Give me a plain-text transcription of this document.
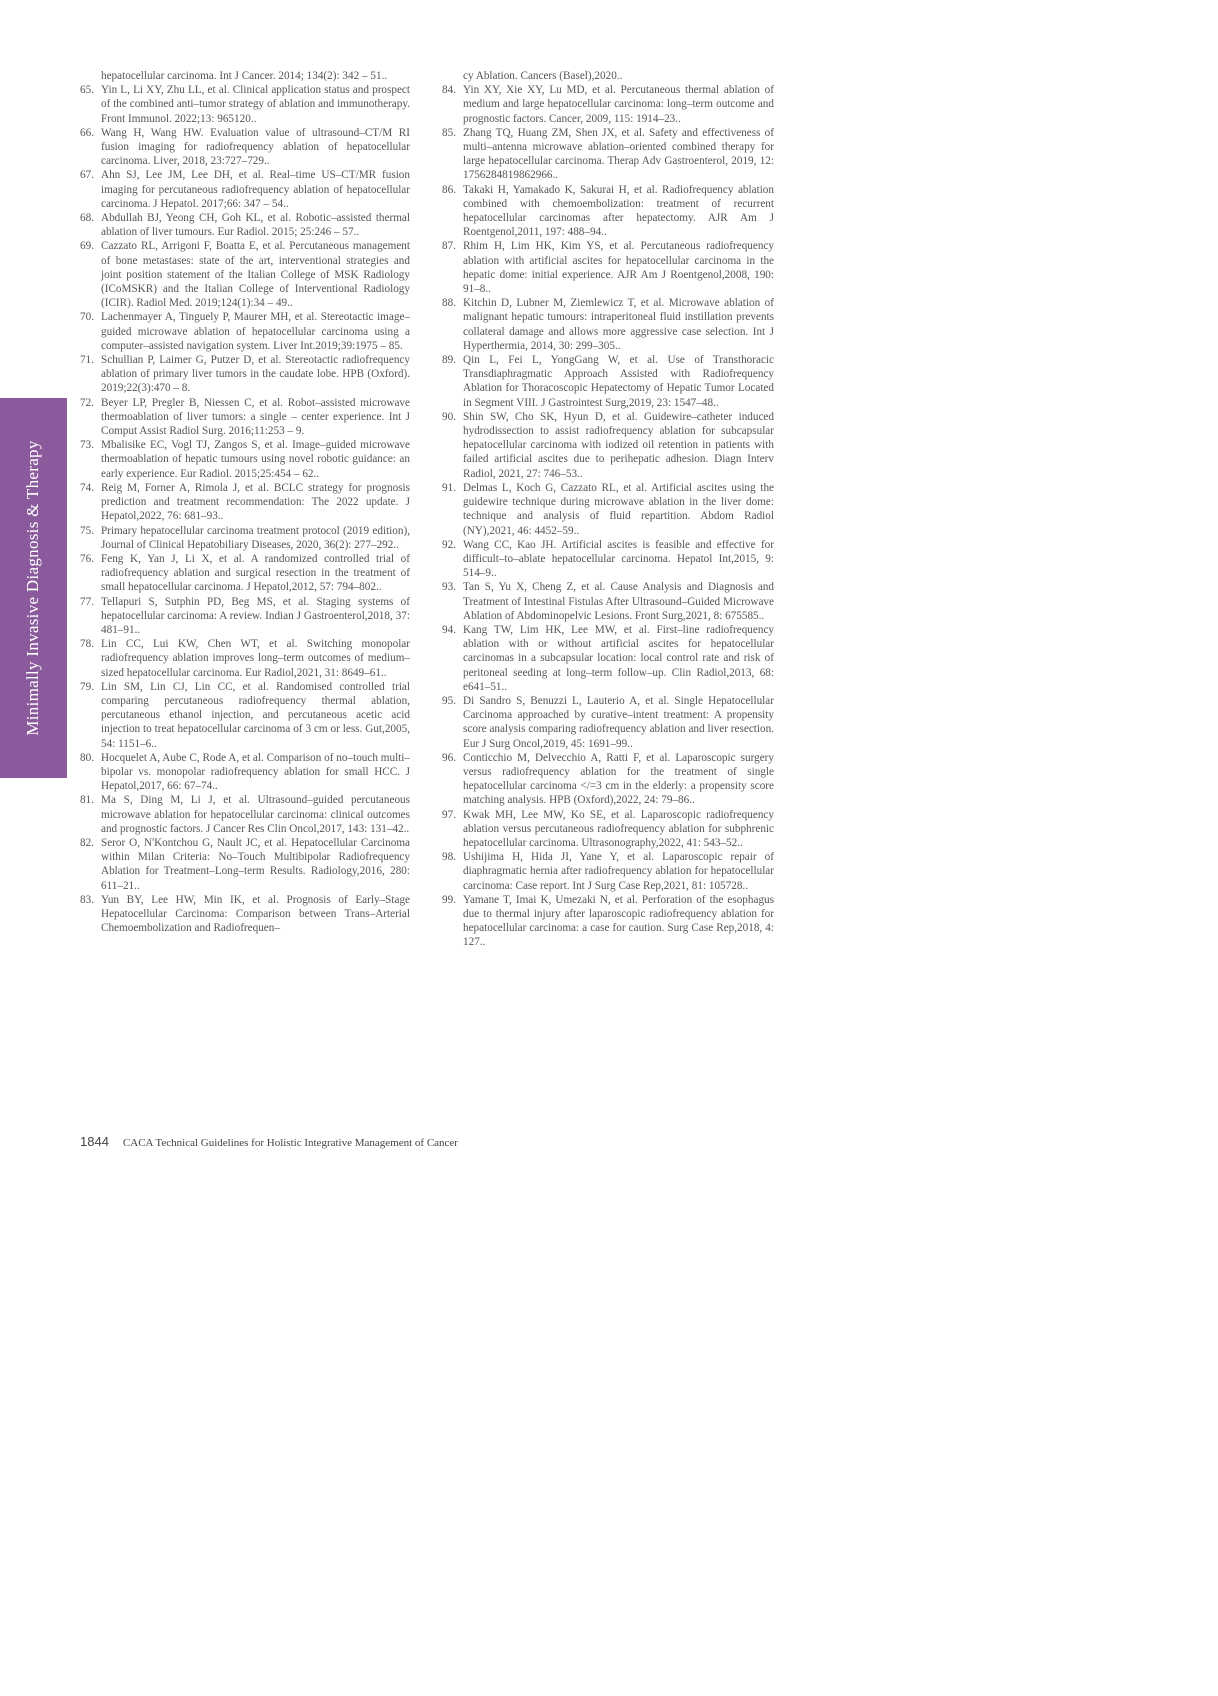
Minimally Invasive Diagnosis & Therapy
hepatocellular carcinoma. Int J Cancer. 2014; 134(2): 342 – 51..
65. Yin L, Li XY, Zhu LL, et al. Clinical application status and prospect of the combined anti–tumor strategy of ablation and immunotherapy. Front Immunol. 2022;13: 965120..
66. Wang H, Wang HW. Evaluation value of ultrasound–CT/M RI fusion imaging for radiofrequency ablation of hepatocellular carcinoma. Liver, 2018, 23:727–729..
67. Ahn SJ, Lee JM, Lee DH, et al. Real–time US–CT/MR fusion imaging for percutaneous radiofrequency ablation of hepatocellular carcinoma. J Hepatol. 2017;66: 347 – 54..
68. Abdullah BJ, Yeong CH, Goh KL, et al. Robotic–assisted thermal ablation of liver tumours. Eur Radiol. 2015; 25:246 – 57..
69. Cazzato RL, Arrigoni F, Boatta E, et al. Percutaneous management of bone metastases: state of the art, interventional strategies and joint position statement of the Italian College of MSK Radiology (ICoMSKR) and the Italian College of Interventional Radiology (ICIR). Radiol Med. 2019;124(1):34 – 49..
70. Lachenmayer A, Tinguely P, Maurer MH, et al. Stereotactic image–guided microwave ablation of hepatocellular carcinoma using a computer–assisted navigation system. Liver Int.2019;39:1975 – 85.
71. Schullian P, Laimer G, Putzer D, et al. Stereotactic radiofrequency ablation of primary liver tumors in the caudate lobe. HPB (Oxford). 2019;22(3):470 – 8.
72. Beyer LP, Pregler B, Niessen C, et al. Robot–assisted microwave thermoablation of liver tumors: a single – center experience. Int J Comput Assist Radiol Surg. 2016;11:253 – 9.
73. Mbalisike EC, Vogl TJ, Zangos S, et al. Image–guided microwave thermoablation of hepatic tumours using novel robotic guidance: an early experience. Eur Radiol. 2015;25:454 – 62..
74. Reig M, Forner A, Rimola J, et al. BCLC strategy for prognosis prediction and treatment recommendation: The 2022 update. J Hepatol,2022, 76: 681–93..
75. Primary hepatocellular carcinoma treatment protocol (2019 edition), Journal of Clinical Hepatobiliary Diseases, 2020, 36(2): 277–292..
76. Feng K, Yan J, Li X, et al. A randomized controlled trial of radiofrequency ablation and surgical resection in the treatment of small hepatocellular carcinoma. J Hepatol,2012, 57: 794–802..
77. Tellapuri S, Sutphin PD, Beg MS, et al. Staging systems of hepatocellular carcinoma: A review. Indian J Gastroenterol,2018, 37: 481–91..
78. Lin CC, Lui KW, Chen WT, et al. Switching monopolar radiofrequency ablation improves long–term outcomes of medium–sized hepatocellular carcinoma. Eur Radiol,2021, 31: 8649–61..
79. Lin SM, Lin CJ, Lin CC, et al. Randomised controlled trial comparing percutaneous radiofrequency thermal ablation, percutaneous ethanol injection, and percutaneous acetic acid injection to treat hepatocellular carcinoma of 3 cm or less. Gut,2005, 54: 1151–6..
80. Hocquelet A, Aube C, Rode A, et al. Comparison of no–touch multi–bipolar vs. monopolar radiofrequency ablation for small HCC. J Hepatol,2017, 66: 67–74..
81. Ma S, Ding M, Li J, et al. Ultrasound–guided percutaneous microwave ablation for hepatocellular carcinoma: clinical outcomes and prognostic factors. J Cancer Res Clin Oncol,2017, 143: 131–42..
82. Seror O, N'Kontchou G, Nault JC, et al. Hepatocellular Carcinoma within Milan Criteria: No–Touch Multibipolar Radiofrequency Ablation for Treatment–Long–term Results. Radiology,2016, 280: 611–21..
83. Yun BY, Lee HW, Min IK, et al. Prognosis of Early–Stage Hepatocellular Carcinoma: Comparison between Trans–Arterial Chemoembolization and Radiofrequen–
cy Ablation. Cancers (Basel),2020..
84. Yin XY, Xie XY, Lu MD, et al. Percutaneous thermal ablation of medium and large hepatocellular carcinoma: long–term outcome and prognostic factors. Cancer, 2009, 115: 1914–23..
85. Zhang TQ, Huang ZM, Shen JX, et al. Safety and effectiveness of multi–antenna microwave ablation–oriented combined therapy for large hepatocellular carcinoma. Therap Adv Gastroenterol, 2019, 12: 1756284819862966..
86. Takaki H, Yamakado K, Sakurai H, et al. Radiofrequency ablation combined with chemoembolization: treatment of recurrent hepatocellular carcinomas after hepatectomy. AJR Am J Roentgenol,2011, 197: 488–94..
87. Rhim H, Lim HK, Kim YS, et al. Percutaneous radiofrequency ablation with artificial ascites for hepatocellular carcinoma in the hepatic dome: initial experience. AJR Am J Roentgenol,2008, 190: 91–8..
88. Kitchin D, Lubner M, Ziemlewicz T, et al. Microwave ablation of malignant hepatic tumours: intraperitoneal fluid instillation prevents collateral damage and allows more aggressive case selection. Int J Hyperthermia, 2014, 30: 299–305..
89. Qin L, Fei L, YongGang W, et al. Use of Transthoracic Transdiaphragmatic Approach Assisted with Radiofrequency Ablation for Thoracoscopic Hepatectomy of Hepatic Tumor Located in Segment VIII. J Gastrointest Surg,2019, 23: 1547–48..
90. Shin SW, Cho SK, Hyun D, et al. Guidewire–catheter induced hydrodissection to assist radiofrequency ablation for subcapsular hepatocellular carcinoma with iodized oil retention in patients with failed artificial ascites due to perihepatic adhesion. Diagn Interv Radiol, 2021, 27: 746–53..
91. Delmas L, Koch G, Cazzato RL, et al. Artificial ascites using the guidewire technique during microwave ablation in the liver dome: technique and analysis of fluid repartition. Abdom Radiol (NY),2021, 46: 4452–59..
92. Wang CC, Kao JH. Artificial ascites is feasible and effective for difficult–to–ablate hepatocellular carcinoma. Hepatol Int,2015, 9: 514–9..
93. Tan S, Yu X, Cheng Z, et al. Cause Analysis and Diagnosis and Treatment of Intestinal Fistulas After Ultrasound–Guided Microwave Ablation of Abdominopelvic Lesions. Front Surg,2021, 8: 675585..
94. Kang TW, Lim HK, Lee MW, et al. First–line radiofrequency ablation with or without artificial ascites for hepatocellular carcinomas in a subcapsular location: local control rate and risk of peritoneal seeding at long–term follow–up. Clin Radiol,2013, 68: e641–51..
95. Di Sandro S, Benuzzi L, Lauterio A, et al. Single Hepatocellular Carcinoma approached by curative–intent treatment: A propensity score analysis comparing radiofrequency ablation and liver resection. Eur J Surg Oncol,2019, 45: 1691–99..
96. Conticchio M, Delvecchio A, Ratti F, et al. Laparoscopic surgery versus radiofrequency ablation for the treatment of single hepatocellular carcinoma </=3 cm in the elderly: a propensity score matching analysis. HPB (Oxford),2022, 24: 79–86..
97. Kwak MH, Lee MW, Ko SE, et al. Laparoscopic radiofrequency ablation versus percutaneous radiofrequency ablation for subphrenic hepatocellular carcinoma. Ultrasonography,2022, 41: 543–52..
98. Ushijima H, Hida JI, Yane Y, et al. Laparoscopic repair of diaphragmatic hernia after radiofrequency ablation for hepatocellular carcinoma: Case report. Int J Surg Case Rep,2021, 81: 105728..
99. Yamane T, Imai K, Umezaki N, et al. Perforation of the esophagus due to thermal injury after laparoscopic radiofrequency ablation for hepatocellular carcinoma: a case for caution. Surg Case Rep,2018, 4: 127..
1844 CACA Technical Guidelines for Holistic Integrative Management of Cancer
